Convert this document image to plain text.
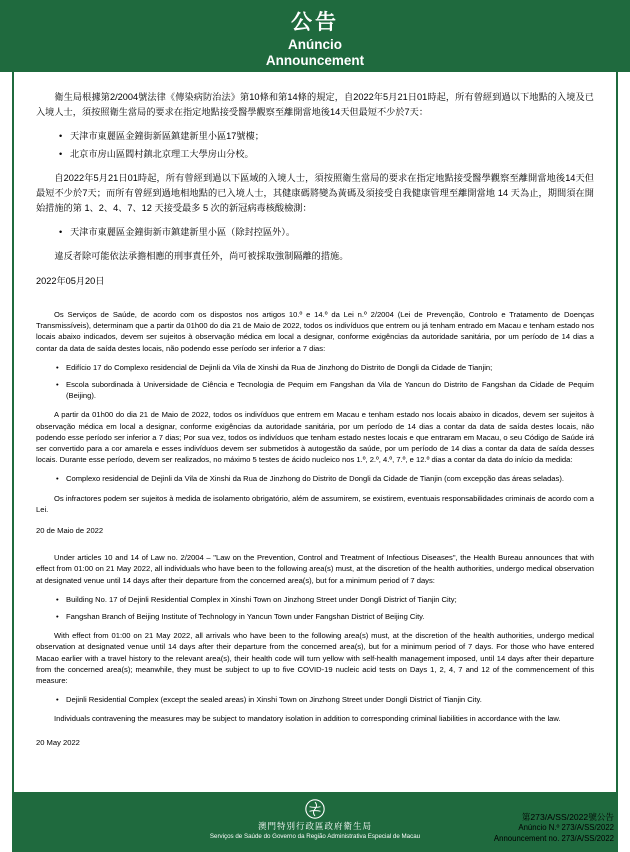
公告
Anúncio
Announcement

衛生局根據第2/2004號法律《傳染病防治法》第10條和第14條的規定，自2022年5月21日01時起，所有曾經到過以下地點的入境及已入境人士，須按照衛生當局的要求在指定地點接受醫學觀察至離開當地後14天但最短不少於7天：

• 天津市東麗區金鐘街新區鎮建新里小區17號樓；
• 北京市房山區閻村鎮北京理工大學房山分校。

自2022年5月21日01時起，所有曾經到過以下區域的入境人士，須按照衛生當局的要求在指定地點接受醫學觀察至離開當地後14天但最短不少於7天；而所有曾經到過地相地點的已入境人士，其健康碼將變為黃碼及須接受自我健康管理至離開當地 14 天為止，期間須在開始措施的第 1、2、4、7、12 天接受最多 5 次的新冠病毒核酸檢測：

• 天津市東麗區金鐘街新市鎮建新里小區（除封控區外）。

違反者除可能依法承擔相應的刑事責任外，尚可被採取強制隔離的措施。

2022年05月20日

Os Serviços de Saúde, de acordo com os dispostos nos artigos 10.º e 14.º da Lei n.º 2/2004 (Lei de Prevenção, Controlo e Tratamento de Doenças Transmissíveis), determinam que a partir da 01h00 do dia 21 de Maio de 2022, todos os indivíduos que entrem ou já tenham entrado em Macau e tenham estado nos locais abaixo indicados, devem ser sujeitos à observação médica em local a designar, conforme exigências da autoridade sanitária, por um período de 14 dias a contar da data de saída destes locais, não podendo esse período ser inferior a 7 dias:

• Edifício 17 do Complexo residencial de Dejinli da Vila de Xinshi da Rua de Jinzhong do Distrito de Dongli da Cidade de Tianjin;
• Escola subordinada à Universidade de Ciência e Tecnologia de Pequim em Fangshan da Vila de Yancun do Distrito de Fangshan da Cidade de Pequim (Beijing).

A partir da 01h00 do dia 21 de Maio de 2022, todos os indivíduos que entrem em Macau e tenham estado nos locais abaixo in dicados, devem ser sujeitos à observação médica em local a designar, conforme exigências da autoridade sanitária, por um período de 14 dias a contar da data de saída destes locais, não podendo esse período ser inferior a 7 dias; Por sua vez, todos os indivíduos que tenham estado nestes locais e que entraram em Macau, o seu Código de Saúde irá ser convertido para a cor amarela e esses indivíduos devem ser submetidos à autogestão da saúde, por um período de 14 dias a contar da data de saída desses locais. Durante esse período, devem ser realizados, no máximo 5 testes de ácido nucleico nos 1.º, 2.º, 4.º, 7.º, e 12.º dias a contar da data do início da medida:

• Complexo residencial de Dejinli da Vila de Xinshi da Rua de Jinzhong do Distrito de Dongli da Cidade de Tianjin (com excepção das áreas seladas).

Os infractores podem ser sujeitos à medida de isolamento obrigatório, além de assumirem, se existirem, eventuais responsabilidades criminais de acordo com a Lei.

20 de Maio de 2022

Under articles 10 and 14 of Law no. 2/2004 – "Law on the Prevention, Control and Treatment of Infectious Diseases", the Health Bureau announces that with effect from 01:00 on 21 May 2022, all individuals who have been to the following area(s) must, at the discretion of the health authorities, undergo medical observation at designated venue until 14 days after their departure from the concerned area(s), but for a minimum period of 7 days:

• Building No. 17 of Dejinli Residential Complex in Xinshi Town on Jinzhong Street under Dongli District of Tianjin City;
• Fangshan Branch of Beijing Institute of Technology in Yancun Town under Fangshan District of Beijing City.

With effect from 01:00 on 21 May 2022, all arrivals who have been to the following area(s) must, at the discretion of the health authorities, undergo medical observation at designated venue until 14 days after their departure from the concerned area(s), but for a minimum period of 7 days. For those who have entered Macao earlier with a travel history to the relevant area(s), their health code will turn yellow with self-health management imposed, until 14 days after their departure from the concerned area(s); meanwhile, they must be subject to up to five COVID-19 nucleic acid tests on Days 1, 2, 4, 7 and 12 of the commencement of this measure:

• Dejinli Residential Complex (except the sealed areas) in Xinshi Town on Jinzhong Street under Dongli District of Tianjin City.

Individuals contravening the measures may be subject to mandatory isolation in addition to corresponding criminal liabilities in accordance with the law.

20 May 2022

澳門特別行政區政府衛生局
Serviços de Saúde do Governo da Região Administrativa Especial de Macau
第273/A/SS/2022號公告
Anúncio N.º 273/A/SS/2022
Announcement no. 273/A/SS/2022
